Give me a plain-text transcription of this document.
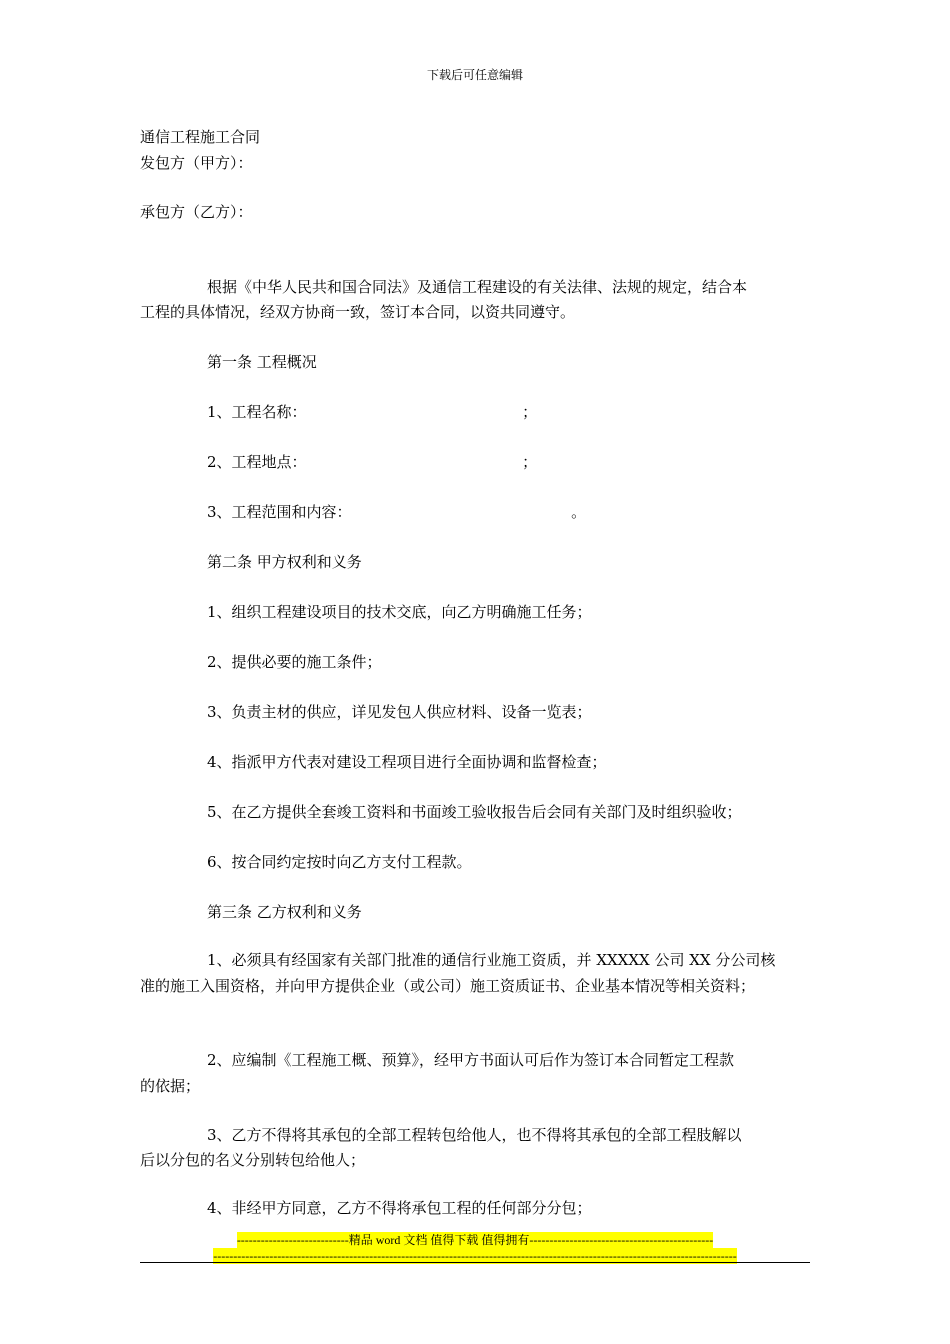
下载后可任意编辑
通信工程施工合同
发包方（甲方）：
承包方（乙方）：
根据《中华人民共和国合同法》及通信工程建设的有关法律、法规的规定，结合本
工程的具体情况，经双方协商一致，签订本合同，以资共同遵守。
第一条 工程概况
1、工程名称：	；
2、工程地点：	；
3、工程范围和内容：	。
第二条 甲方权利和义务
1、组织工程建设项目的技术交底，向乙方明确施工任务；
2、提供必要的施工条件；
3、负责主材的供应，详见发包人供应材料、设备一览表；
4、指派甲方代表对建设工程项目进行全面协调和监督检查；
5、在乙方提供全套竣工资料和书面竣工验收报告后会同有关部门及时组织验收；
6、按合同约定按时向乙方支付工程款。
第三条 乙方权利和义务
1、必须具有经国家有关部门批准的通信行业施工资质，并 XXXXX 公司 XX 分公司核
准的施工入围资格，并向甲方提供企业（或公司）施工资质证书、企业基本情况等相关资料；
2、应编制《工程施工概、预算》，经甲方书面认可后作为签订本合同暂定工程款
的依据；
3、乙方不得将其承包的全部工程转包给他人，也不得将其承包的全部工程肢解以
后以分包的名义分别转包给他人；
4、非经甲方同意，乙方不得将承包工程的任何部分分包；
----------------------------精品 word 文档 值得下载 值得拥有----------------------------------------------
-----------------------------------------------------------------------------------------------------------------------------------
